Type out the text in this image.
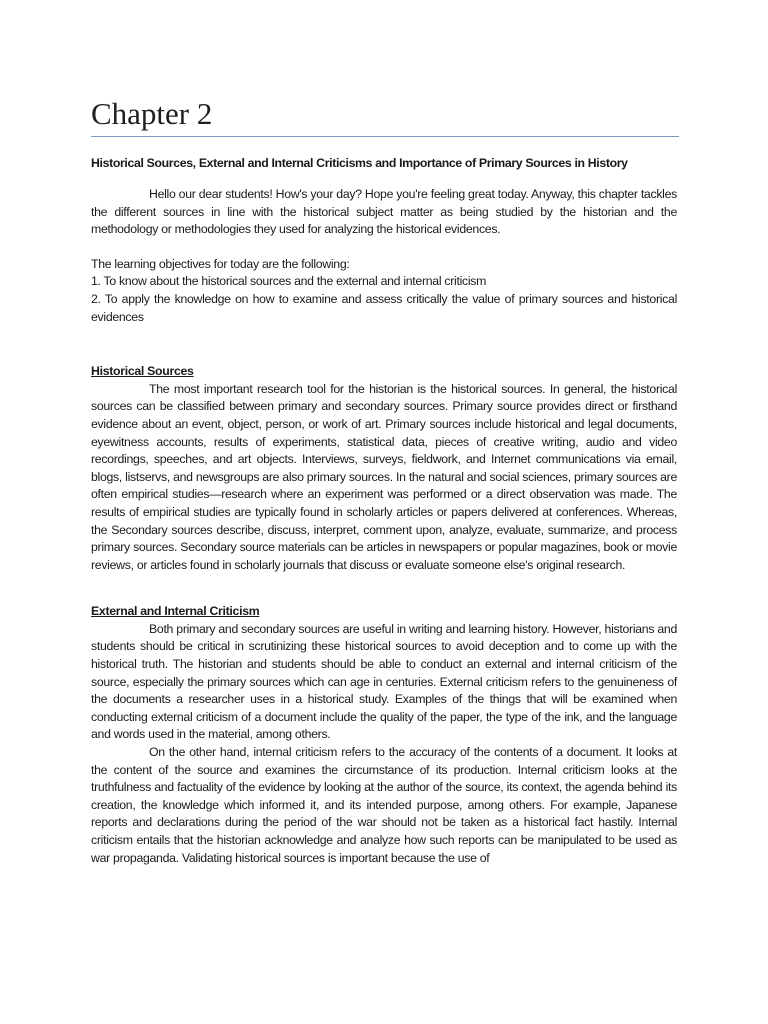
Chapter 2
Historical Sources, External and Internal Criticisms and Importance of Primary Sources in History

Hello our dear students! How's your day? Hope you're feeling great today. Anyway, this chapter tackles the different sources in line with the historical subject matter as being studied by the historian and the methodology or methodologies they used for analyzing the historical evidences.

The learning objectives for today are the following:

1. To know about the historical sources and the external and internal criticism

2. To apply the knowledge on how to examine and assess critically the value of primary sources and historical evidences

Historical Sources

The most important research tool for the historian is the historical sources. In general, the historical sources can be classified between primary and secondary sources. Primary source provides direct or firsthand evidence about an event, object, person, or work of art. Primary sources include historical and legal documents, eyewitness accounts, results of experiments, statistical data, pieces of creative writing, audio and video recordings, speeches, and art objects. Interviews, surveys, fieldwork, and Internet communications via email, blogs, listservs, and newsgroups are also primary sources. In the natural and social sciences, primary sources are often empirical studies—research where an experiment was performed or a direct observation was made. The results of empirical studies are typically found in scholarly articles or papers delivered at conferences. Whereas, the Secondary sources describe, discuss, interpret, comment upon, analyze, evaluate, summarize, and process primary sources. Secondary source materials can be articles in newspapers or popular magazines, book or movie reviews, or articles found in scholarly journals that discuss or evaluate someone else's original research.

External and Internal Criticism

Both primary and secondary sources are useful in writing and learning history. However, historians and students should be critical in scrutinizing these historical sources to avoid deception and to come up with the historical truth. The historian and students should be able to conduct an external and internal criticism of the source, especially the primary sources which can age in centuries. External criticism refers to the genuineness of the documents a researcher uses in a historical study. Examples of the things that will be examined when conducting external criticism of a document include the quality of the paper, the type of the ink, and the language and words used in the material, among others.

On the other hand, internal criticism refers to the accuracy of the contents of a document. It looks at the content of the source and examines the circumstance of its production. Internal criticism looks at the truthfulness and factuality of the evidence by looking at the author of the source, its context, the agenda behind its creation, the knowledge which informed it, and its intended purpose, among others. For example, Japanese reports and declarations during the period of the war should not be taken as a historical fact hastily. Internal criticism entails that the historian acknowledge and analyze how such reports can be manipulated to be used as war propaganda. Validating historical sources is important because the use of
